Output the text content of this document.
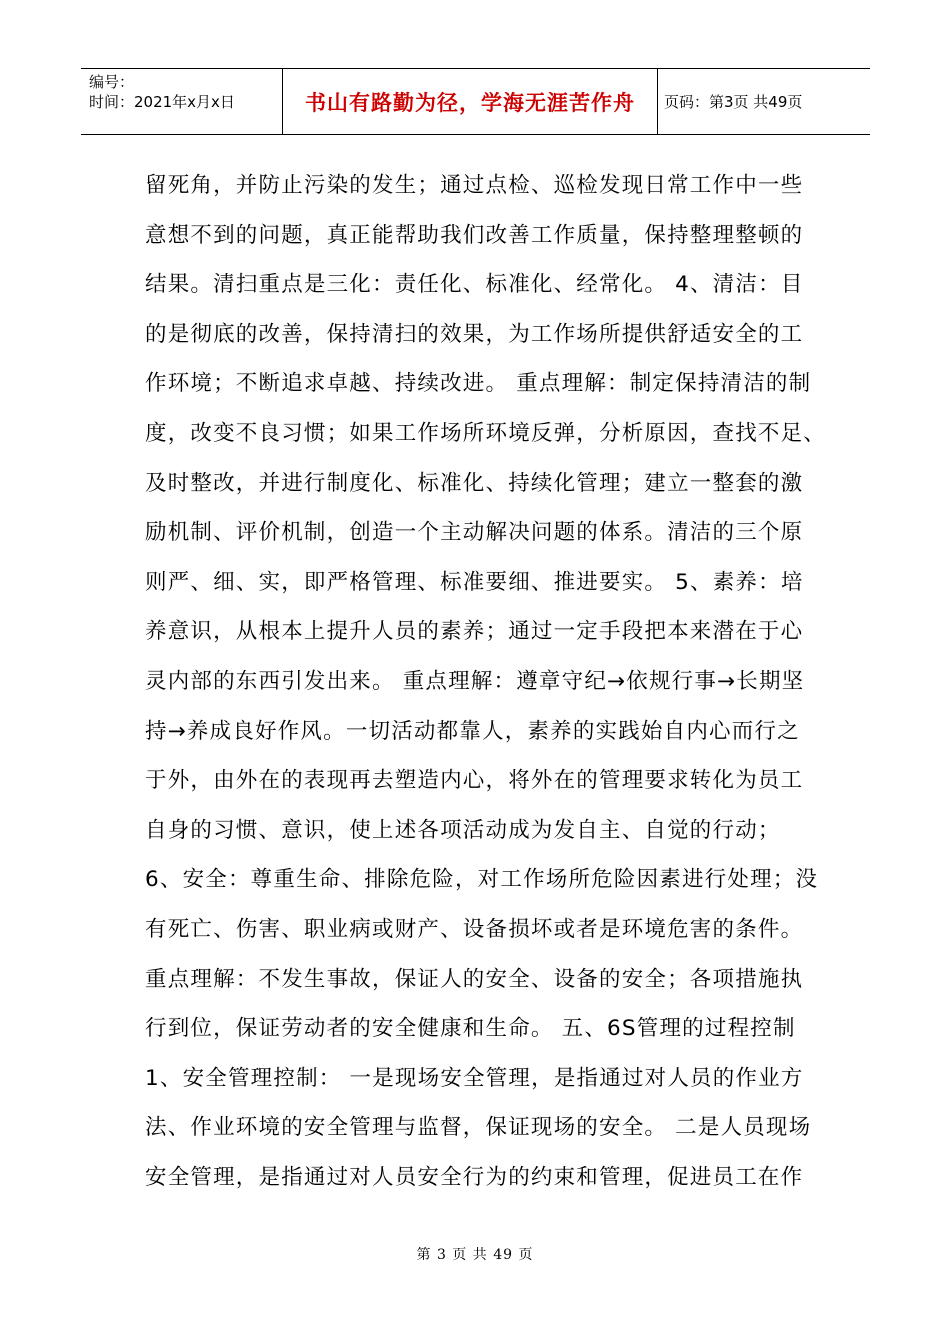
编号：
时间：2021年x月x日	书山有路勤为径，学海无涯苦作舟 页码：第3页 共49页
留死角，并防止污染的发生；通过点检、巡检发现日常工作中一些
意想不到的问题，真正能帮助我们改善工作质量，保持整理整顿的
结果。清扫重点是三化：责任化、标准化、经常化。 4、清洁：目
的是彻底的改善，保持清扫的效果，为工作场所提供舒适安全的工
作环境；不断追求卓越、持续改进。 重点理解：制定保持清洁的制
度，改变不良习惯；如果工作场所环境反弹，分析原因，查找不足、
及时整改，并进行制度化、标准化、持续化管理；建立一整套的激
励机制、评价机制，创造一个主动解决问题的体系。清洁的三个原
则严、细、实，即严格管理、标准要细、推进要实。 5、素养：培
养意识，从根本上提升人员的素养；通过一定手段把本来潜在于心
灵内部的东西引发出来。 重点理解：遵章守纪→依规行事→长期坚
持→养成良好作风。一切活动都靠人，素养的实践始自内心而行之
于外，由外在的表现再去塑造内心，将外在的管理要求转化为员工
自身的习惯、意识，使上述各项活动成为发自主、自觉的行动；
6、安全：尊重生命、排除危险，对工作场所危险因素进行处理；没
有死亡、伤害、职业病或财产、设备损坏或者是环境危害的条件。
重点理解：不发生事故，保证人的安全、设备的安全；各项措施执
行到位，保证劳动者的安全健康和生命。 五、6S管理的过程控制
1、安全管理控制： 一是现场安全管理，是指通过对人员的作业方
法、作业环境的安全管理与监督，保证现场的安全。 二是人员现场
安全管理，是指通过对人员安全行为的约束和管理，促进员工在作
第 3 页 共 49 页
